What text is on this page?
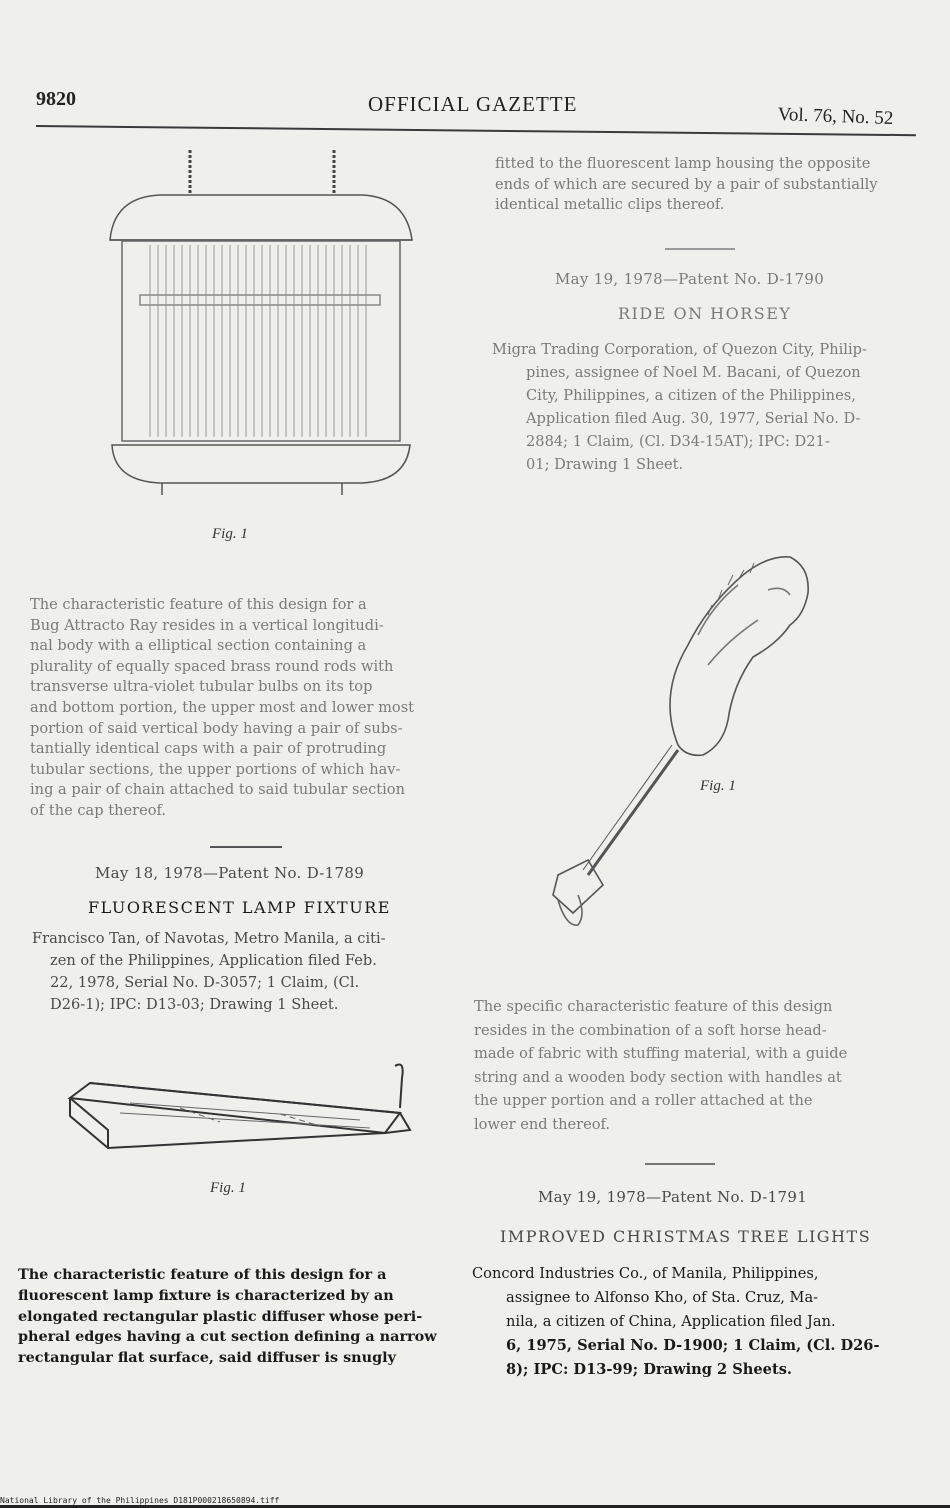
9820	OFFICIAL GAZETTE	Vol. 76, No. 52
Fig. 1

The characteristic feature of this design for a

Bug Attracto Ray resides in a vertical longitudi-

nal body with a elliptical section containing a

plurality of equally spaced brass round rods with

transverse ultra-violet tubular bulbs on its top

and bottom portion, the upper most and lower most

portion of said vertical body having a pair of subs-

tantially identical caps with a pair of protruding

tubular sections, the upper portions of which hav-

ing a pair of chain attached to said tubular section

of the cap thereof.

May 18, 1978—Patent No. D-1789
FLUORESCENT LAMP FIXTURE
Francisco Tan, of Navotas, Metro Manila, a citi-
zen of the Philippines, Application filed Feb.
22, 1978, Serial No. D-3057; 1 Claim, (Cl.
D26-1); IPC: D13-03; Drawing 1 Sheet.
Fig. 1

The characteristic feature of this design for a

fluorescent lamp fixture is characterized by an

elongated rectangular plastic diffuser whose peri-

pheral edges having a cut section defining a narrow

rectangular flat surface, said diffuser is snugly

fitted to the fluorescent lamp housing the opposite

ends of which are secured by a pair of substantially

identical metallic clips thereof.

May 19, 1978—Patent No. D-1790
RIDE ON HORSEY
Migra Trading Corporation, of Quezon City, Philip-
pines, assignee of Noel M. Bacani, of Quezon
City, Philippines, a citizen of the Philippines,
Application filed Aug. 30, 1977, Serial No. D-
2884; 1 Claim, (Cl. D34-15AT); IPC: D21-
01; Drawing 1 Sheet.
Fig. 1

The specific characteristic feature of this design

resides in the combination of a soft horse head-

made of fabric with stuffing material, with a guide

string and a wooden body section with handles at

the upper portion and a roller attached at the

lower end thereof.

May 19, 1978—Patent No. D-1791
IMPROVED CHRISTMAS TREE LIGHTS
Concord Industries Co., of Manila, Philippines,
assignee to Alfonso Kho, of Sta. Cruz, Ma-
nila, a citizen of China, Application filed Jan.
6, 1975, Serial No. D-1900; 1 Claim, (Cl. D26-
8); IPC: D13-99; Drawing 2 Sheets.
National Library of the Philippines D181P000218650894.tiff
